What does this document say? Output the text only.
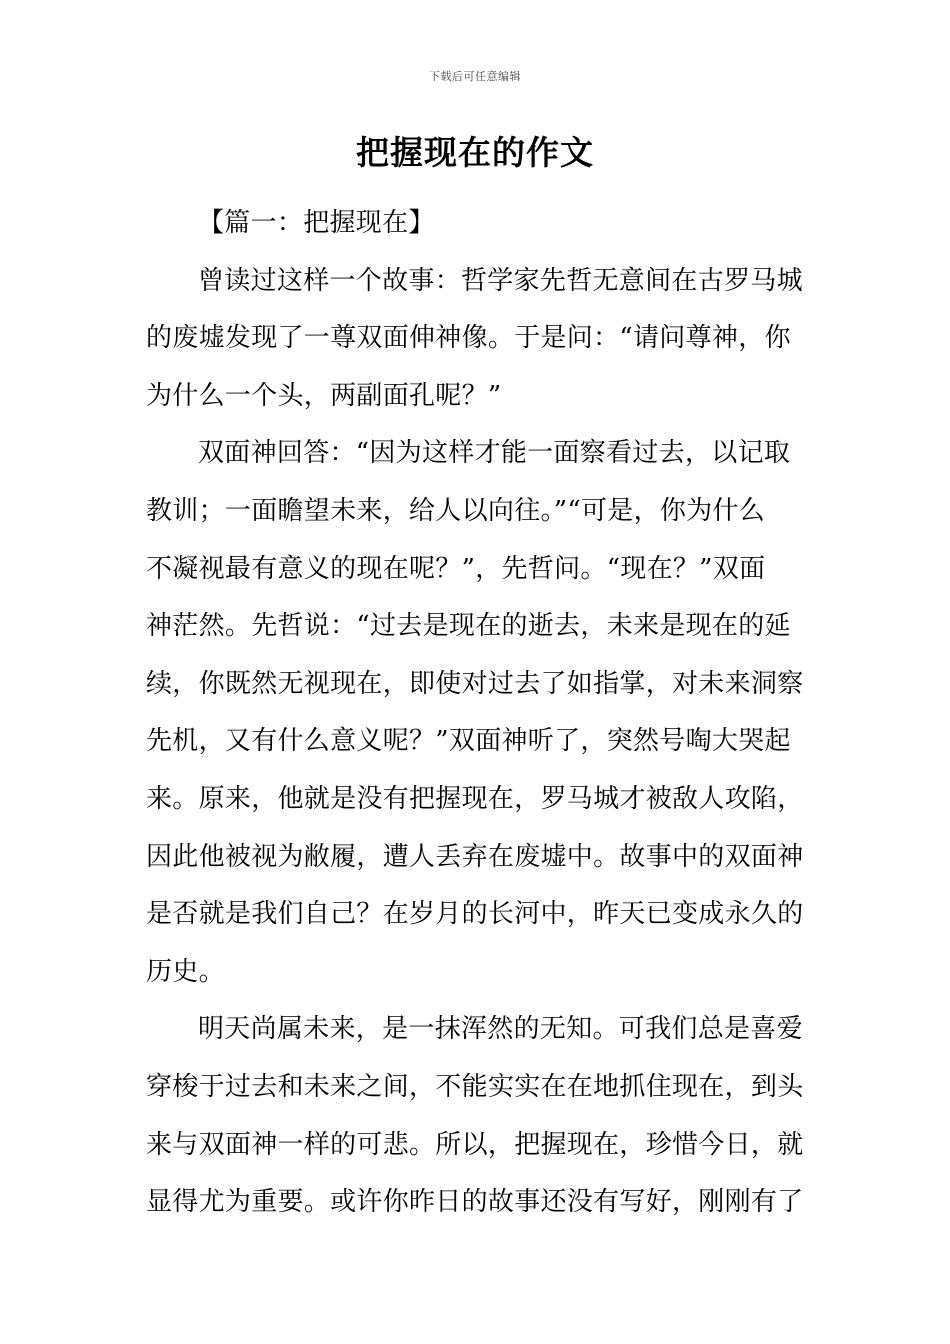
下载后可任意编辑
把握现在的作文

【篇一：把握现在】

曾读过这样一个故事：哲学家先哲无意间在古罗马城
的废墟发现了一尊双面伸神像。于是问：“请问尊神，你
为什么一个头，两副面孔呢？”

双面神回答：“因为这样才能一面察看过去，以记取
教训；一面瞻望未来，给人以向往。”“可是，你为什么
不凝视最有意义的现在呢？”，先哲问。“现在？”双面
神茫然。先哲说：“过去是现在的逝去，未来是现在的延
续，你既然无视现在，即使对过去了如指掌，对未来洞察
先机，又有什么意义呢？”双面神听了，突然号啕大哭起
来。原来，他就是没有把握现在，罗马城才被敌人攻陷，
因此他被视为敝履，遭人丢弃在废墟中。故事中的双面神
是否就是我们自己？在岁月的长河中，昨天已变成永久的
历史。

明天尚属未来，是一抹浑然的无知。可我们总是喜爱
穿梭于过去和未来之间，不能实实在在地抓住现在，到头
来与双面神一样的可悲。所以，把握现在，珍惜今日，就
显得尤为重要。或许你昨日的故事还没有写好，刚刚有了
